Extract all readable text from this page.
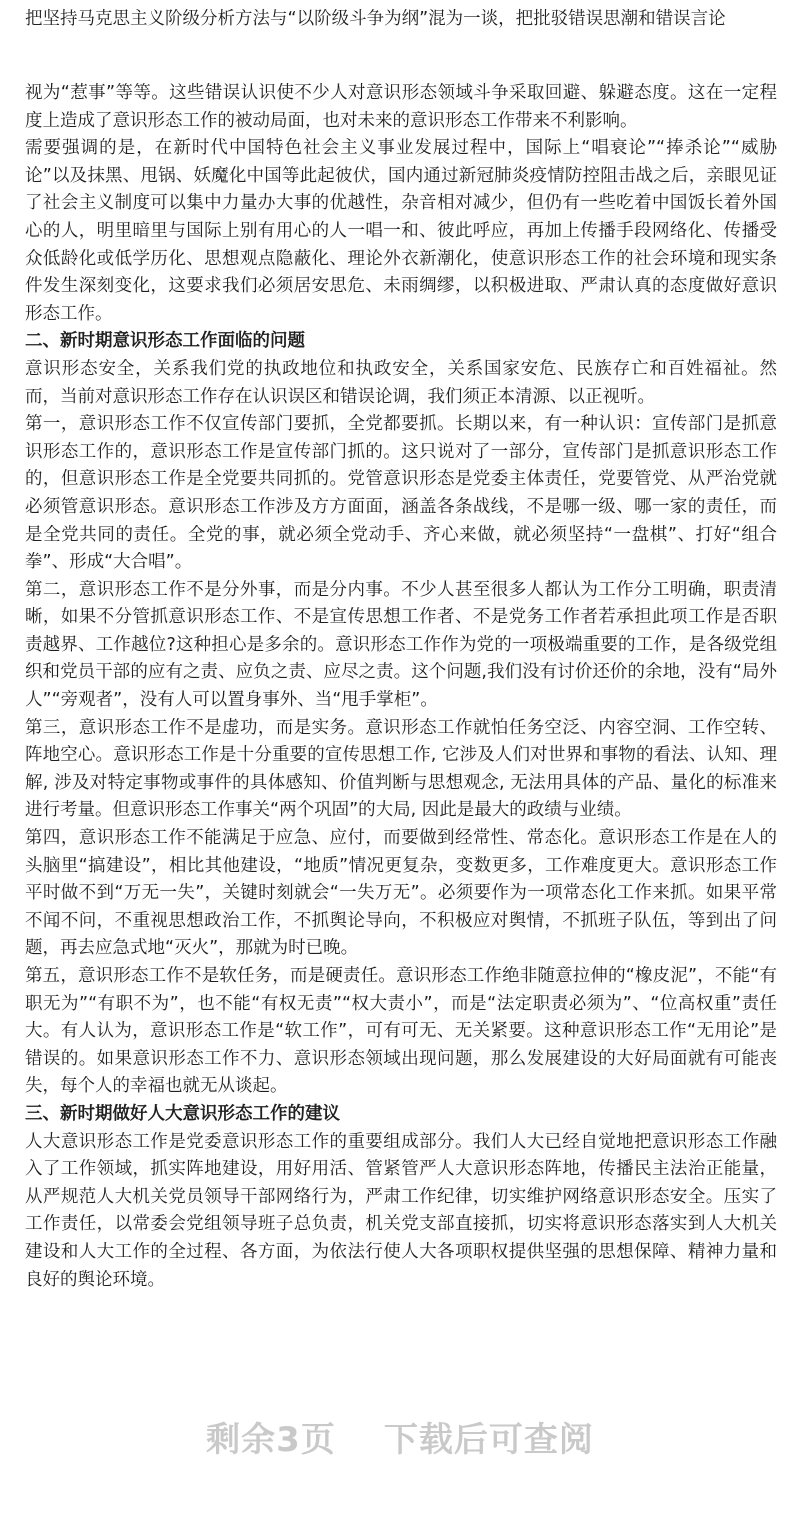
把坚持马克思主义阶级分析方法与“以阶级斗争为纲”混为一谈，把批驳错误思潮和错误言论

视为“惹事”等等。这些错误认识使不少人对意识形态领域斗争采取回避、躲避态度。这在一定程度上造成了意识形态工作的被动局面，也对未来的意识形态工作带来不利影响。

需要强调的是，在新时代中国特色社会主义事业发展过程中，国际上“唱衰论”“捧杀论”“威胁论”以及抹黑、甩锅、妖魔化中国等此起彼伏，国内通过新冠肺炎疫情防控阻击战之后，亲眼见证了社会主义制度可以集中力量办大事的优越性，杂音相对减少，但仍有一些吃着中国饭长着外国心的人，明里暗里与国际上别有用心的人一唱一和、彼此呼应，再加上传播手段网络化、传播受众低龄化或低学历化、思想观点隐蔽化、理论外衣新潮化，使意识形态工作的社会环境和现实条件发生深刻变化，这要求我们必须居安思危、未雨绸缪，以积极进取、严肃认真的态度做好意识形态工作。

二、新时期意识形态工作面临的问题

意识形态安全，关系我们党的执政地位和执政安全，关系国家安危、民族存亡和百姓福祉。然而，当前对意识形态工作存在认识误区和错误论调，我们须正本清源、以正视听。

第一，意识形态工作不仅宣传部门要抓，全党都要抓。长期以来，有一种认识：宣传部门是抓意识形态工作的，意识形态工作是宣传部门抓的。这只说对了一部分，宣传部门是抓意识形态工作的，但意识形态工作是全党要共同抓的。党管意识形态是党委主体责任，党要管党、从严治党就必须管意识形态。意识形态工作涉及方方面面，涵盖各条战线，不是哪一级、哪一家的责任，而是全党共同的责任。全党的事，就必须全党动手、齐心来做，就必须坚持“一盘棋”、打好“组合拳”、形成“大合唱”。

第二，意识形态工作不是分外事，而是分内事。不少人甚至很多人都认为工作分工明确，职责清晰，如果不分管抓意识形态工作、不是宣传思想工作者、不是党务工作者若承担此项工作是否职责越界、工作越位?这种担心是多余的。意识形态工作作为党的一项极端重要的工作，是各级党组织和党员干部的应有之责、应负之责、应尽之责。这个问题,我们没有讨价还价的余地，没有“局外人”“旁观者”，没有人可以置身事外、当“甩手掌柜”。

第三，意识形态工作不是虚功，而是实务。意识形态工作就怕任务空泛、内容空洞、工作空转、阵地空心。意识形态工作是十分重要的宣传思想工作, 它涉及人们对世界和事物的看法、认知、理解, 涉及对特定事物或事件的具体感知、价值判断与思想观念, 无法用具体的产品、量化的标准来进行考量。但意识形态工作事关“两个巩固”的大局, 因此是最大的政绩与业绩。

第四，意识形态工作不能满足于应急、应付，而要做到经常性、常态化。意识形态工作是在人的头脑里“搞建设”，相比其他建设，“地质”情况更复杂，变数更多，工作难度更大。意识形态工作平时做不到“万无一失”，关键时刻就会“一失万无”。必须要作为一项常态化工作来抓。如果平常不闻不问，不重视思想政治工作，不抓舆论导向，不积极应对舆情，不抓班子队伍，等到出了问题，再去应急式地“灭火”，那就为时已晚。

第五，意识形态工作不是软任务，而是硬责任。意识形态工作绝非随意拉伸的“橡皮泥”，不能“有职无为”“有职不为”，也不能“有权无责”“权大责小”，而是“法定职责必须为”、“位高权重”责任大。有人认为，意识形态工作是“软工作”，可有可无、无关紧要。这种意识形态工作“无用论”是错误的。如果意识形态工作不力、意识形态领域出现问题，那么发展建设的大好局面就有可能丧失，每个人的幸福也就无从谈起。

三、新时期做好人大意识形态工作的建议

人大意识形态工作是党委意识形态工作的重要组成部分。我们人大已经自觉地把意识形态工作融入了工作领域，抓实阵地建设，用好用活、管紧管严人大意识形态阵地，传播民主法治正能量，从严规范人大机关党员领导干部网络行为，严肃工作纪律，切实维护网络意识形态安全。压实了工作责任，以常委会党组领导班子总负责，机关党支部直接抓，切实将意识形态落实到人大机关建设和人大工作的全过程、各方面，为依法行使人大各项职权提供坚强的思想保障、精神力量和良好的舆论环境。

剩余3页 下载后可查阅
